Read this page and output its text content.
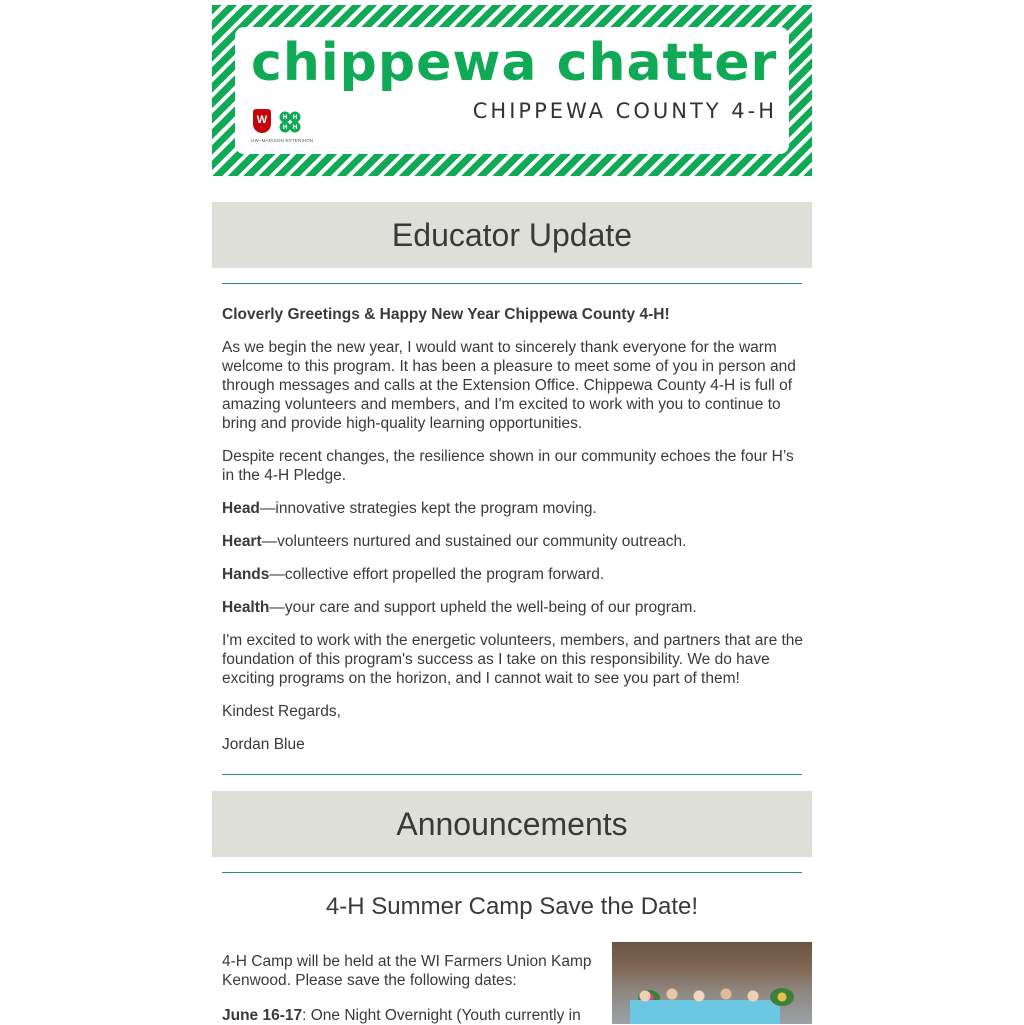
chippewa chatter
CHIPPEWA COUNTY 4-H
W	H H
H H
UW–MADISON EXTENSION
Educator Update

Cloverly Greetings & Happy New Year Chippewa County 4-H!

As we begin the new year, I would want to sincerely thank everyone for the warm welcome to this program. It has been a pleasure to meet some of you in person and through messages and calls at the Extension Office. Chippewa County 4-H is full of amazing volunteers and members, and I'm excited to work with you to continue to bring and provide high-quality learning opportunities.

Despite recent changes, the resilience shown in our community echoes the four H’s in the 4-H Pledge.

Head—innovative strategies kept the program moving.

Heart—volunteers nurtured and sustained our community outreach.

Hands—collective effort propelled the program forward.

Health—your care and support upheld the well-being of our program.

I'm excited to work with the energetic volunteers, members, and partners that are the foundation of this program's success as I take on this responsibility. We do have exciting programs on the horizon, and I cannot wait to see you part of them!

Kindest Regards,

Jordan Blue

Announcements
4-H Summer Camp Save the Date!
4-H Camp will be held at the WI Farmers Union Kamp Kenwood. Please save the following dates:
June 16-17: One Night Overnight (Youth currently in
